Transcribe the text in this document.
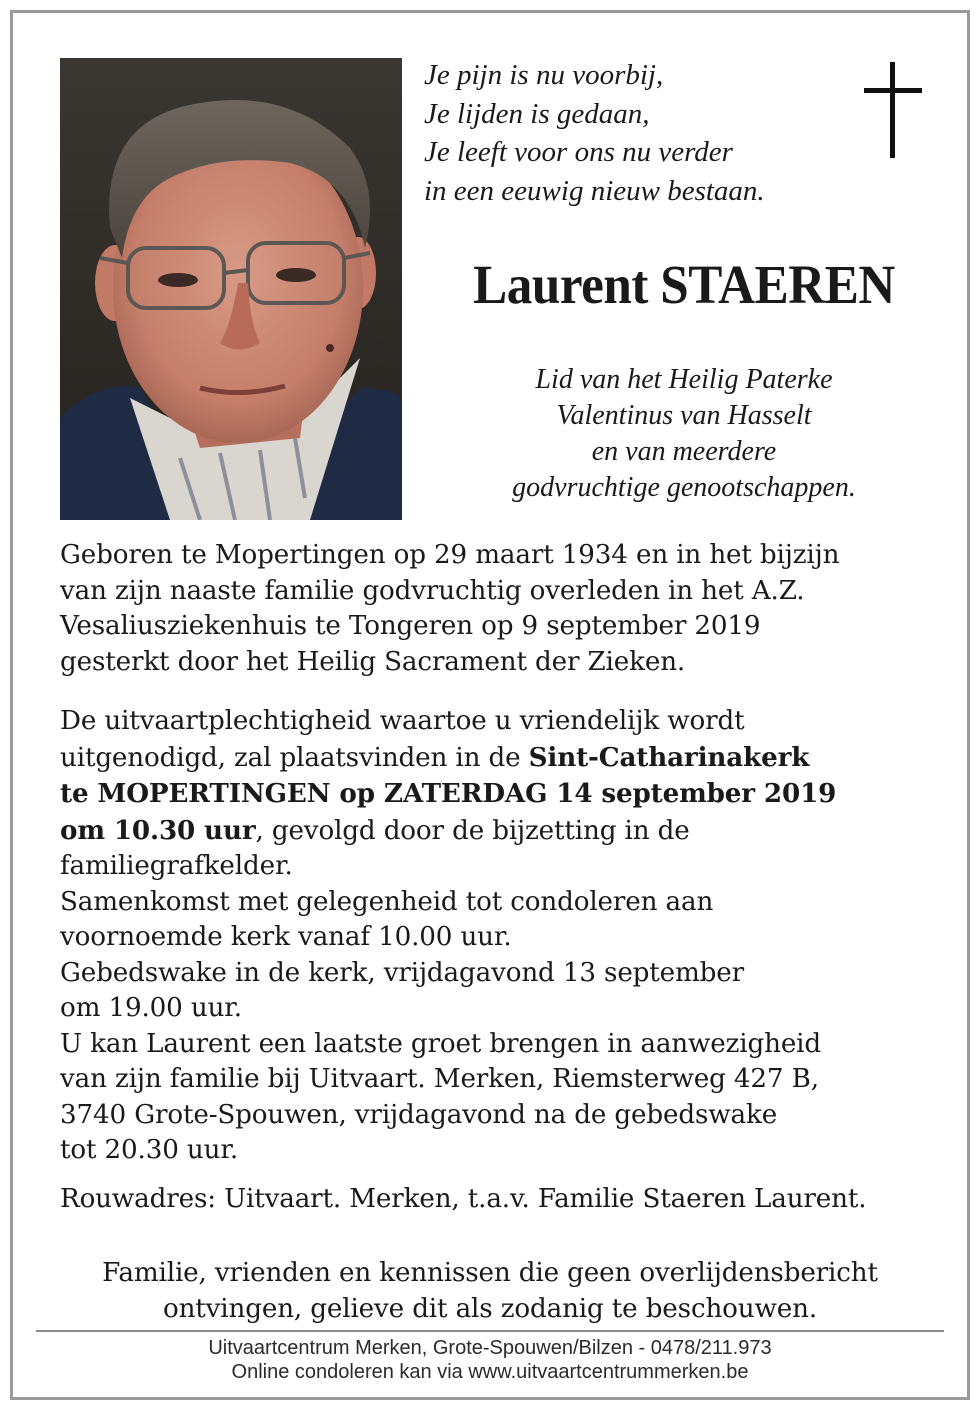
Je pijn is nu voorbij,
Je lijden is gedaan,
Je leeft voor ons nu verder
in een eeuwig nieuw bestaan.
Laurent STAEREN
Lid van het Heilig Paterke
Valentinus van Hasselt
en van meerdere
godvruchtige genootschappen.
Geboren te Mopertingen op 29 maart 1934 en in het bijzijn
van zijn naaste familie godvruchtig overleden in het A.Z.
Vesaliusziekenhuis te Tongeren op 9 september 2019
gesterkt door het Heilig Sacrament der Zieken.
De uitvaartplechtigheid waartoe u vriendelijk wordt
uitgenodigd, zal plaatsvinden in de Sint-Catharinakerk
te MOPERTINGEN op ZATERDAG 14 september 2019
om 10.30 uur, gevolgd door de bijzetting in de
familiegrafkelder.
Samenkomst met gelegenheid tot condoleren aan
voornoemde kerk vanaf 10.00 uur.
Gebedswake in de kerk, vrijdagavond 13 september
om 19.00 uur.
U kan Laurent een laatste groet brengen in aanwezigheid
van zijn familie bij Uitvaart. Merken, Riemsterweg 427 B,
3740 Grote-Spouwen, vrijdagavond na de gebedswake
tot 20.30 uur.
Rouwadres: Uitvaart. Merken, t.a.v. Familie Staeren Laurent.
Familie, vrienden en kennissen die geen overlijdensbericht
ontvingen, gelieve dit als zodanig te beschouwen.
Uitvaartcentrum Merken, Grote-Spouwen/Bilzen - 0478/211.973
Online condoleren kan via www.uitvaartcentrummerken.be
